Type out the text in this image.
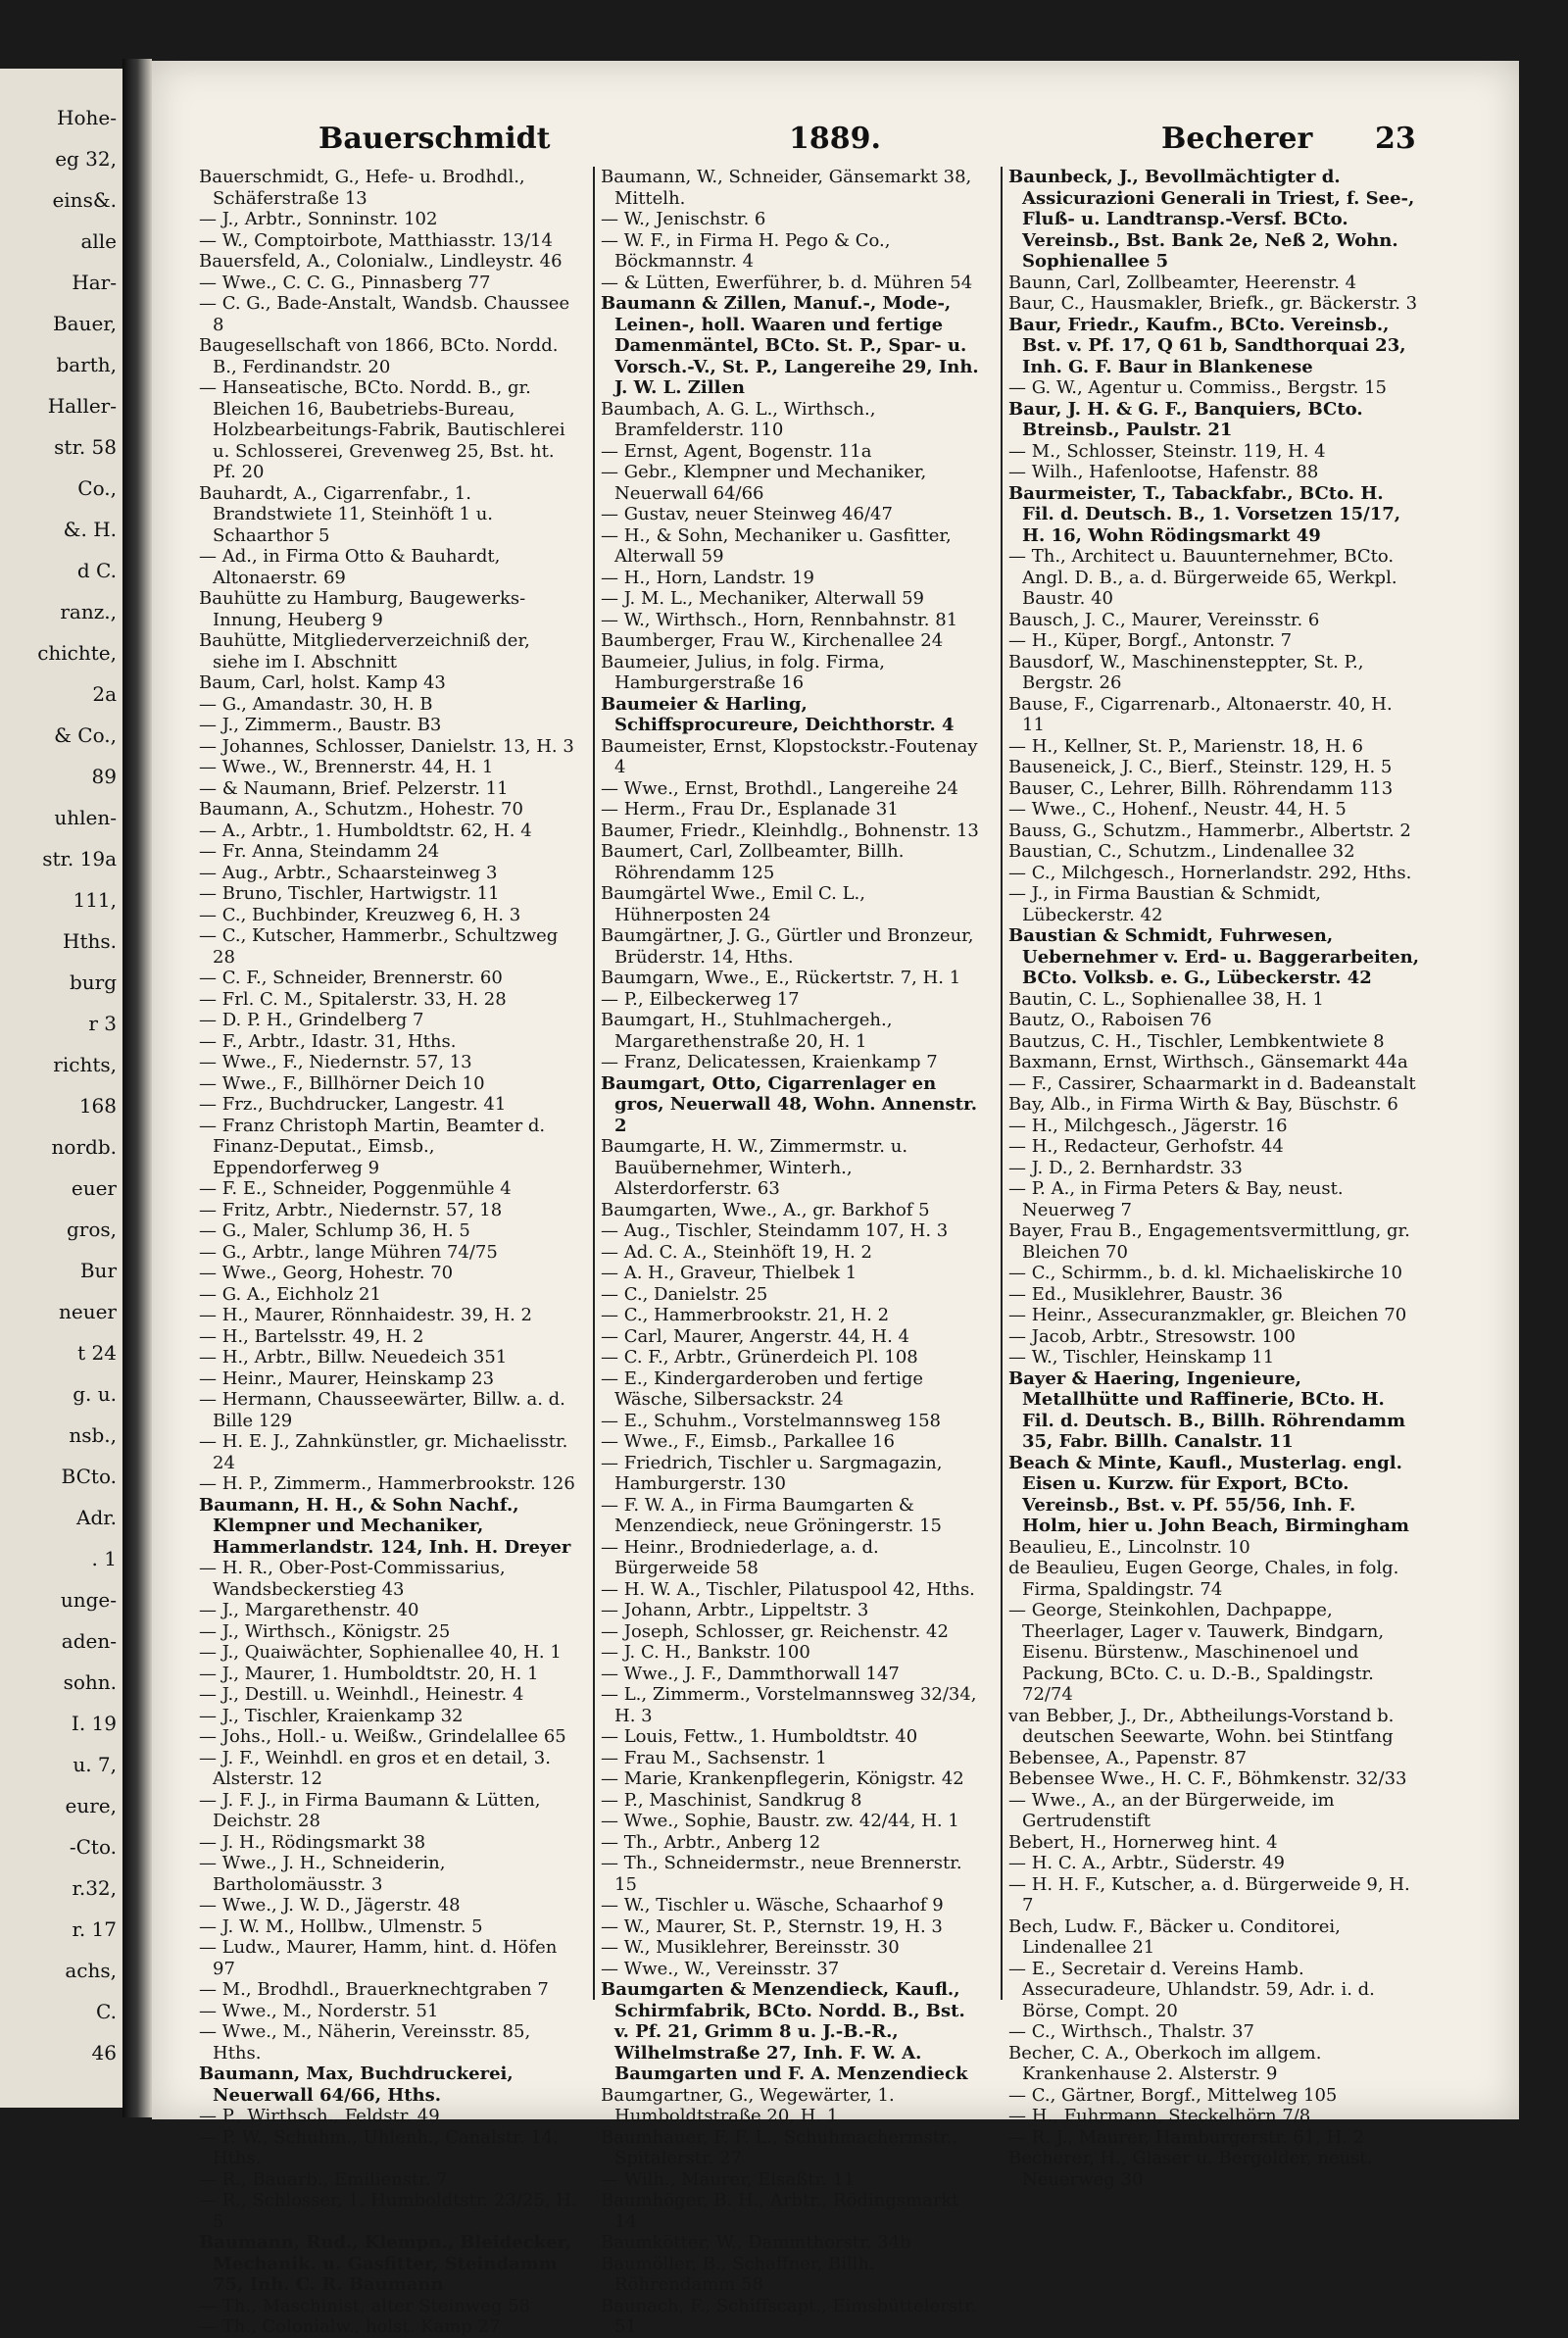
Hohe-
eg 32,
eins&.
alle
Har-
Bauer,
barth,
Haller-
str. 58
Co.,
&. H.
d C.
ranz.,
chichte,
2a
& Co.,
89
uhlen-
str. 19a
111,
Hths.
burg
r 3
richts,
168
nordb.
euer
gros,
Bur
neuer
t 24
g. u.
nsb.,
BCto.
Adr.
. 1
unge-
aden-
sohn.
I. 19
u. 7,
eure,
-Cto.
r.32,
r. 17
achs,
C.
46
Bauerschmidt	1889.	Becherer 23
Bauerschmidt, G., Hefe- u. Brodhdl., Schäferstraße 13
— J., Arbtr., Sonninstr. 102
— W., Comptoirbote, Matthiasstr. 13/14
Bauersfeld, A., Colonialw., Lindleystr. 46
— Wwe., C. C. G., Pinnasberg 77
— C. G., Bade-Anstalt, Wandsb. Chaussee 8
Baugesellschaft von 1866, BCto. Nordd. B., Ferdinandstr. 20
— Hanseatische, BCto. Nordd. B., gr. Bleichen 16, Baubetriebs-Bureau, Holzbearbeitungs-Fabrik, Bautischlerei u. Schlosserei, Grevenweg 25, Bst. ht. Pf. 20
Bauhardt, A., Cigarrenfabr., 1. Brandstwiete 11, Steinhöft 1 u. Schaarthor 5
— Ad., in Firma Otto & Bauhardt, Altonaerstr. 69
Bauhütte zu Hamburg, Baugewerks-Innung, Heuberg 9
Bauhütte, Mitgliederverzeichniß der, siehe im I. Abschnitt
Baum, Carl, holst. Kamp 43
— G., Amandastr. 30, H. B
— J., Zimmerm., Baustr. B3
— Johannes, Schlosser, Danielstr. 13, H. 3
— Wwe., W., Brennerstr. 44, H. 1
— & Naumann, Brief. Pelzerstr. 11
Baumann, A., Schutzm., Hohestr. 70
— A., Arbtr., 1. Humboldtstr. 62, H. 4
— Fr. Anna, Steindamm 24
— Aug., Arbtr., Schaarsteinweg 3
— Bruno, Tischler, Hartwigstr. 11
— C., Buchbinder, Kreuzweg 6, H. 3
— C., Kutscher, Hammerbr., Schultzweg 28
— C. F., Schneider, Brennerstr. 60
— Frl. C. M., Spitalerstr. 33, H. 28
— D. P. H., Grindelberg 7
— F., Arbtr., Idastr. 31, Hths.
— Wwe., F., Niedernstr. 57, 13
— Wwe., F., Billhörner Deich 10
— Frz., Buchdrucker, Langestr. 41
— Franz Christoph Martin, Beamter d. Finanz-Deputat., Eimsb., Eppendorferweg 9
— F. E., Schneider, Poggenmühle 4
— Fritz, Arbtr., Niedernstr. 57, 18
— G., Maler, Schlump 36, H. 5
— G., Arbtr., lange Mühren 74/75
— Wwe., Georg, Hohestr. 70
— G. A., Eichholz 21
— H., Maurer, Rönnhaidestr. 39, H. 2
— H., Bartelsstr. 49, H. 2
— H., Arbtr., Billw. Neuedeich 351
— Heinr., Maurer, Heinskamp 23
— Hermann, Chausseewärter, Billw. a. d. Bille 129
— H. E. J., Zahnkünstler, gr. Michaelisstr. 24
— H. P., Zimmerm., Hammerbrookstr. 126
Baumann, H. H., & Sohn Nachf., Klempner und Mechaniker, Hammerlandstr. 124, Inh. H. Dreyer
— H. R., Ober-Post-Commissarius, Wandsbeckerstieg 43
— J., Margarethenstr. 40
— J., Wirthsch., Königstr. 25
— J., Quaiwächter, Sophienallee 40, H. 1
— J., Maurer, 1. Humboldtstr. 20, H. 1
— J., Destill. u. Weinhdl., Heinestr. 4
— J., Tischler, Kraienkamp 32
— Johs., Holl.- u. Weißw., Grindelallee 65
— J. F., Weinhdl. en gros et en detail, 3. Alsterstr. 12
— J. F. J., in Firma Baumann & Lütten, Deichstr. 28
— J. H., Rödingsmarkt 38
— Wwe., J. H., Schneiderin, Bartholomäusstr. 3
— Wwe., J. W. D., Jägerstr. 48
— J. W. M., Hollbw., Ulmenstr. 5
— Ludw., Maurer, Hamm, hint. d. Höfen 97
— M., Brodhdl., Brauerknechtgraben 7
— Wwe., M., Norderstr. 51
— Wwe., M., Näherin, Vereinsstr. 85, Hths.
Baumann, Max, Buchdruckerei, Neuerwall 64/66, Hths.
— P., Wirthsch., Feldstr. 49
— P. W., Schuhm., Uhlenh., Canalstr. 14, Hths.
— R., Bauarb., Emilienstr. 7
— R., Schlosser, 1. Humboldtstr. 23/25, H. 5
Baumann, Rud., Klempn., Bleidecker, Mechanik. u. Gasfitter, Steindamm 75, Inh. C. R. Baumann
— Th., Maschinist, alter Steinweg 58
— Th., Colonialw., holst. Kamp 27
Baumann, W., Schneider, Gänsemarkt 38, Mittelh.
— W., Jenischstr. 6
— W. F., in Firma H. Pego & Co., Böckmannstr. 4
— & Lütten, Ewerführer, b. d. Mühren 54
Baumann & Zillen, Manuf.-, Mode-, Leinen-, holl. Waaren und fertige Damenmäntel, BCto. St. P., Spar- u. Vorsch.-V., St. P., Langereihe 29, Inh. J. W. L. Zillen
Baumbach, A. G. L., Wirthsch., Bramfelderstr. 110
— Ernst, Agent, Bogenstr. 11a
— Gebr., Klempner und Mechaniker, Neuerwall 64/66
— Gustav, neuer Steinweg 46/47
— H., & Sohn, Mechaniker u. Gasfitter, Alterwall 59
— H., Horn, Landstr. 19
— J. M. L., Mechaniker, Alterwall 59
— W., Wirthsch., Horn, Rennbahnstr. 81
Baumberger, Frau W., Kirchenallee 24
Baumeier, Julius, in folg. Firma, Hamburgerstraße 16
Baumeier & Harling, Schiffsprocureure, Deichthorstr. 4
Baumeister, Ernst, Klopstockstr.-Foutenay 4
— Wwe., Ernst, Brothdl., Langereihe 24
— Herm., Frau Dr., Esplanade 31
Baumer, Friedr., Kleinhdlg., Bohnenstr. 13
Baumert, Carl, Zollbeamter, Billh. Röhrendamm 125
Baumgärtel Wwe., Emil C. L., Hühnerposten 24
Baumgärtner, J. G., Gürtler und Bronzeur, Brüderstr. 14, Hths.
Baumgarn, Wwe., E., Rückertstr. 7, H. 1
— P., Eilbeckerweg 17
Baumgart, H., Stuhlmachergeh., Margarethenstraße 20, H. 1
— Franz, Delicatessen, Kraienkamp 7
Baumgart, Otto, Cigarrenlager en gros, Neuerwall 48, Wohn. Annenstr. 2
Baumgarte, H. W., Zimmermstr. u. Bauübernehmer, Winterh., Alsterdorferstr. 63
Baumgarten, Wwe., A., gr. Barkhof 5
— Aug., Tischler, Steindamm 107, H. 3
— Ad. C. A., Steinhöft 19, H. 2
— A. H., Graveur, Thielbek 1
— C., Danielstr. 25
— C., Hammerbrookstr. 21, H. 2
— Carl, Maurer, Angerstr. 44, H. 4
— C. F., Arbtr., Grünerdeich Pl. 108
— E., Kindergarderoben und fertige Wäsche, Silbersackstr. 24
— E., Schuhm., Vorstelmannsweg 158
— Wwe., F., Eimsb., Parkallee 16
— Friedrich, Tischler u. Sargmagazin, Hamburgerstr. 130
— F. W. A., in Firma Baumgarten & Menzendieck, neue Gröningerstr. 15
— Heinr., Brodniederlage, a. d. Bürgerweide 58
— H. W. A., Tischler, Pilatuspool 42, Hths.
— Johann, Arbtr., Lippeltstr. 3
— Joseph, Schlosser, gr. Reichenstr. 42
— J. C. H., Bankstr. 100
— Wwe., J. F., Dammthorwall 147
— L., Zimmerm., Vorstelmannsweg 32/34, H. 3
— Louis, Fettw., 1. Humboldtstr. 40
— Frau M., Sachsenstr. 1
— Marie, Krankenpflegerin, Königstr. 42
— P., Maschinist, Sandkrug 8
— Wwe., Sophie, Baustr. zw. 42/44, H. 1
— Th., Arbtr., Anberg 12
— Th., Schneidermstr., neue Brennerstr. 15
— W., Tischler u. Wäsche, Schaarhof 9
— W., Maurer, St. P., Sternstr. 19, H. 3
— W., Musiklehrer, Bereinsstr. 30
— Wwe., W., Vereinsstr. 37
Baumgarten & Menzendieck, Kaufl., Schirmfabrik, BCto. Nordd. B., Bst. v. Pf. 21, Grimm 8 u. J.-B.-R., Wilhelmstraße 27, Inh. F. W. A. Baumgarten und F. A. Menzendieck
Baumgartner, G., Wegewärter, 1. Humboldtstraße 20, H. 1
Baumhauer, F. F. L., Schuhmachermstr., Spitalerstr. 27
— Wilh., Maurer, Elsaßtr. 11
Baumhöger, B. H., Arbtr., Rödingsmarkt 14
Baumkötter, W., Dammthorstr. 34b
Baumöller, B., Schaffner, Billh. Röhrendamm 58
Baunach, F., Schiffscapt., Eimsbüttelerstr. 51
Baunbeck, J., Bevollmächtigter d. Assicurazioni Generali in Triest, f. See-, Fluß- u. Landtransp.-Versf. BCto. Vereinsb., Bst. Bank 2e, Neß 2, Wohn. Sophienallee 5
Baunn, Carl, Zollbeamter, Heerenstr. 4
Baur, C., Hausmakler, Briefk., gr. Bäckerstr. 3
Baur, Friedr., Kaufm., BCto. Vereinsb., Bst. v. Pf. 17, Q 61 b, Sandthorquai 23, Inh. G. F. Baur in Blankenese
— G. W., Agentur u. Commiss., Bergstr. 15
Baur, J. H. & G. F., Banquiers, BCto. Btreinsb., Paulstr. 21
— M., Schlosser, Steinstr. 119, H. 4
— Wilh., Hafenlootse, Hafenstr. 88
Baurmeister, T., Tabackfabr., BCto. H. Fil. d. Deutsch. B., 1. Vorsetzen 15/17, H. 16, Wohn Rödingsmarkt 49
— Th., Architect u. Bauunternehmer, BCto. Angl. D. B., a. d. Bürgerweide 65, Werkpl. Baustr. 40
Bausch, J. C., Maurer, Vereinsstr. 6
— H., Küper, Borgf., Antonstr. 7
Bausdorf, W., Maschinensteppter, St. P., Bergstr. 26
Bause, F., Cigarrenarb., Altonaerstr. 40, H. 11
— H., Kellner, St. P., Marienstr. 18, H. 6
Bauseneick, J. C., Bierf., Steinstr. 129, H. 5
Bauser, C., Lehrer, Billh. Röhrendamm 113
— Wwe., C., Hohenf., Neustr. 44, H. 5
Bauss, G., Schutzm., Hammerbr., Albertstr. 2
Baustian, C., Schutzm., Lindenallee 32
— C., Milchgesch., Hornerlandstr. 292, Hths.
— J., in Firma Baustian & Schmidt, Lübeckerstr. 42
Baustian & Schmidt, Fuhrwesen, Uebernehmer v. Erd- u. Baggerarbeiten, BCto. Volksb. e. G., Lübeckerstr. 42
Bautin, C. L., Sophienallee 38, H. 1
Bautz, O., Raboisen 76
Bautzus, C. H., Tischler, Lembkentwiete 8
Baxmann, Ernst, Wirthsch., Gänsemarkt 44a
— F., Cassirer, Schaarmarkt in d. Badeanstalt
Bay, Alb., in Firma Wirth & Bay, Büschstr. 6
— H., Milchgesch., Jägerstr. 16
— H., Redacteur, Gerhofstr. 44
— J. D., 2. Bernhardstr. 33
— P. A., in Firma Peters & Bay, neust. Neuerweg 7
Bayer, Frau B., Engagementsvermittlung, gr. Bleichen 70
— C., Schirmm., b. d. kl. Michaeliskirche 10
— Ed., Musiklehrer, Baustr. 36
— Heinr., Assecuranzmakler, gr. Bleichen 70
— Jacob, Arbtr., Stresowstr. 100
— W., Tischler, Heinskamp 11
Bayer & Haering, Ingenieure, Metallhütte und Raffinerie, BCto. H. Fil. d. Deutsch. B., Billh. Röhrendamm 35, Fabr. Billh. Canalstr. 11
Beach & Minte, Kaufl., Musterlag. engl. Eisen u. Kurzw. für Export, BCto. Vereinsb., Bst. v. Pf. 55/56, Inh. F. Holm, hier u. John Beach, Birmingham
Beaulieu, E., Lincolnstr. 10
de Beaulieu, Eugen George, Chales, in folg. Firma, Spaldingstr. 74
— George, Steinkohlen, Dachpappe, Theerlager, Lager v. Tauwerk, Bindgarn, Eisenu. Bürstenw., Maschinenoel und Packung, BCto. C. u. D.-B., Spaldingstr. 72/74
van Bebber, J., Dr., Abtheilungs-Vorstand b. deutschen Seewarte, Wohn. bei Stintfang
Bebensee, A., Papenstr. 87
Bebensee Wwe., H. C. F., Böhmkenstr. 32/33
— Wwe., A., an der Bürgerweide, im Gertrudenstift
Bebert, H., Hornerweg hint. 4
— H. C. A., Arbtr., Süderstr. 49
— H. H. F., Kutscher, a. d. Bürgerweide 9, H. 7
Bech, Ludw. F., Bäcker u. Conditorei, Lindenallee 21
— E., Secretair d. Vereins Hamb. Assecuradeure, Uhlandstr. 59, Adr. i. d. Börse, Compt. 20
— C., Wirthsch., Thalstr. 37
Becher, C. A., Oberkoch im allgem. Krankenhause 2. Alsterstr. 9
— C., Gärtner, Borgf., Mittelweg 105
— H., Fuhrmann, Steckelhörn 7/8
— R. J., Maurer, Hamburgerstr. 61, H. 2
Becherer, H., Glaser u. Bergolder, neust. Neuerweg 30
